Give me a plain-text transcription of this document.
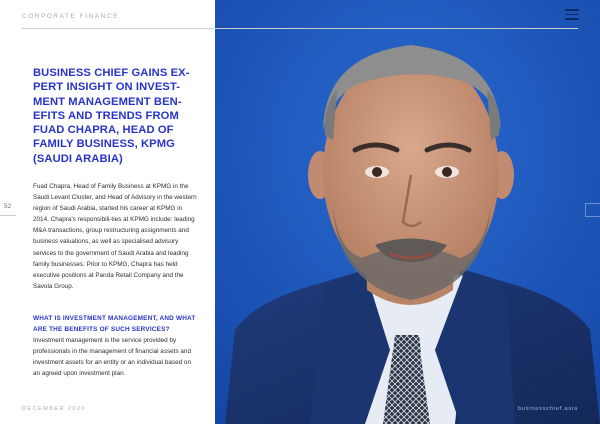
CORPORATE FINANCE
BUSINESS CHIEF GAINS EX-PERT INSIGHT ON INVEST-MENT MANAGEMENT BEN-EFITS AND TRENDS FROM FUAD CHAPRA, HEAD OF FAMILY BUSINESS, KPMG (SAUDI ARABIA)
52

Fuad Chapra, Head of Family Business at KPMG in the Saudi Levant Cluster, and Head of Advisory in the western region of Saudi Arabia, started his career at KPMG in 2014. Chapra's responsibili-ties at KPMG include: leading M&A transactions, group restructuring assignments and business valuations, as well as specialised advisory services to the government of Saudi Arabia and leading family businesses. Prior to KPMG, Chapra has held executive positions at Panda Retail Company and the Savola Group.

WHAT IS INVESTMENT MANAGEMENT, AND WHAT ARE THE BENEFITS OF SUCH SERVICES?

Investment management is the service provided by professionals in the management of financial assets and investment assets for an entity or an individual based on an agreed upon investment plan.

DECEMBER 2020	businesschief.asia
